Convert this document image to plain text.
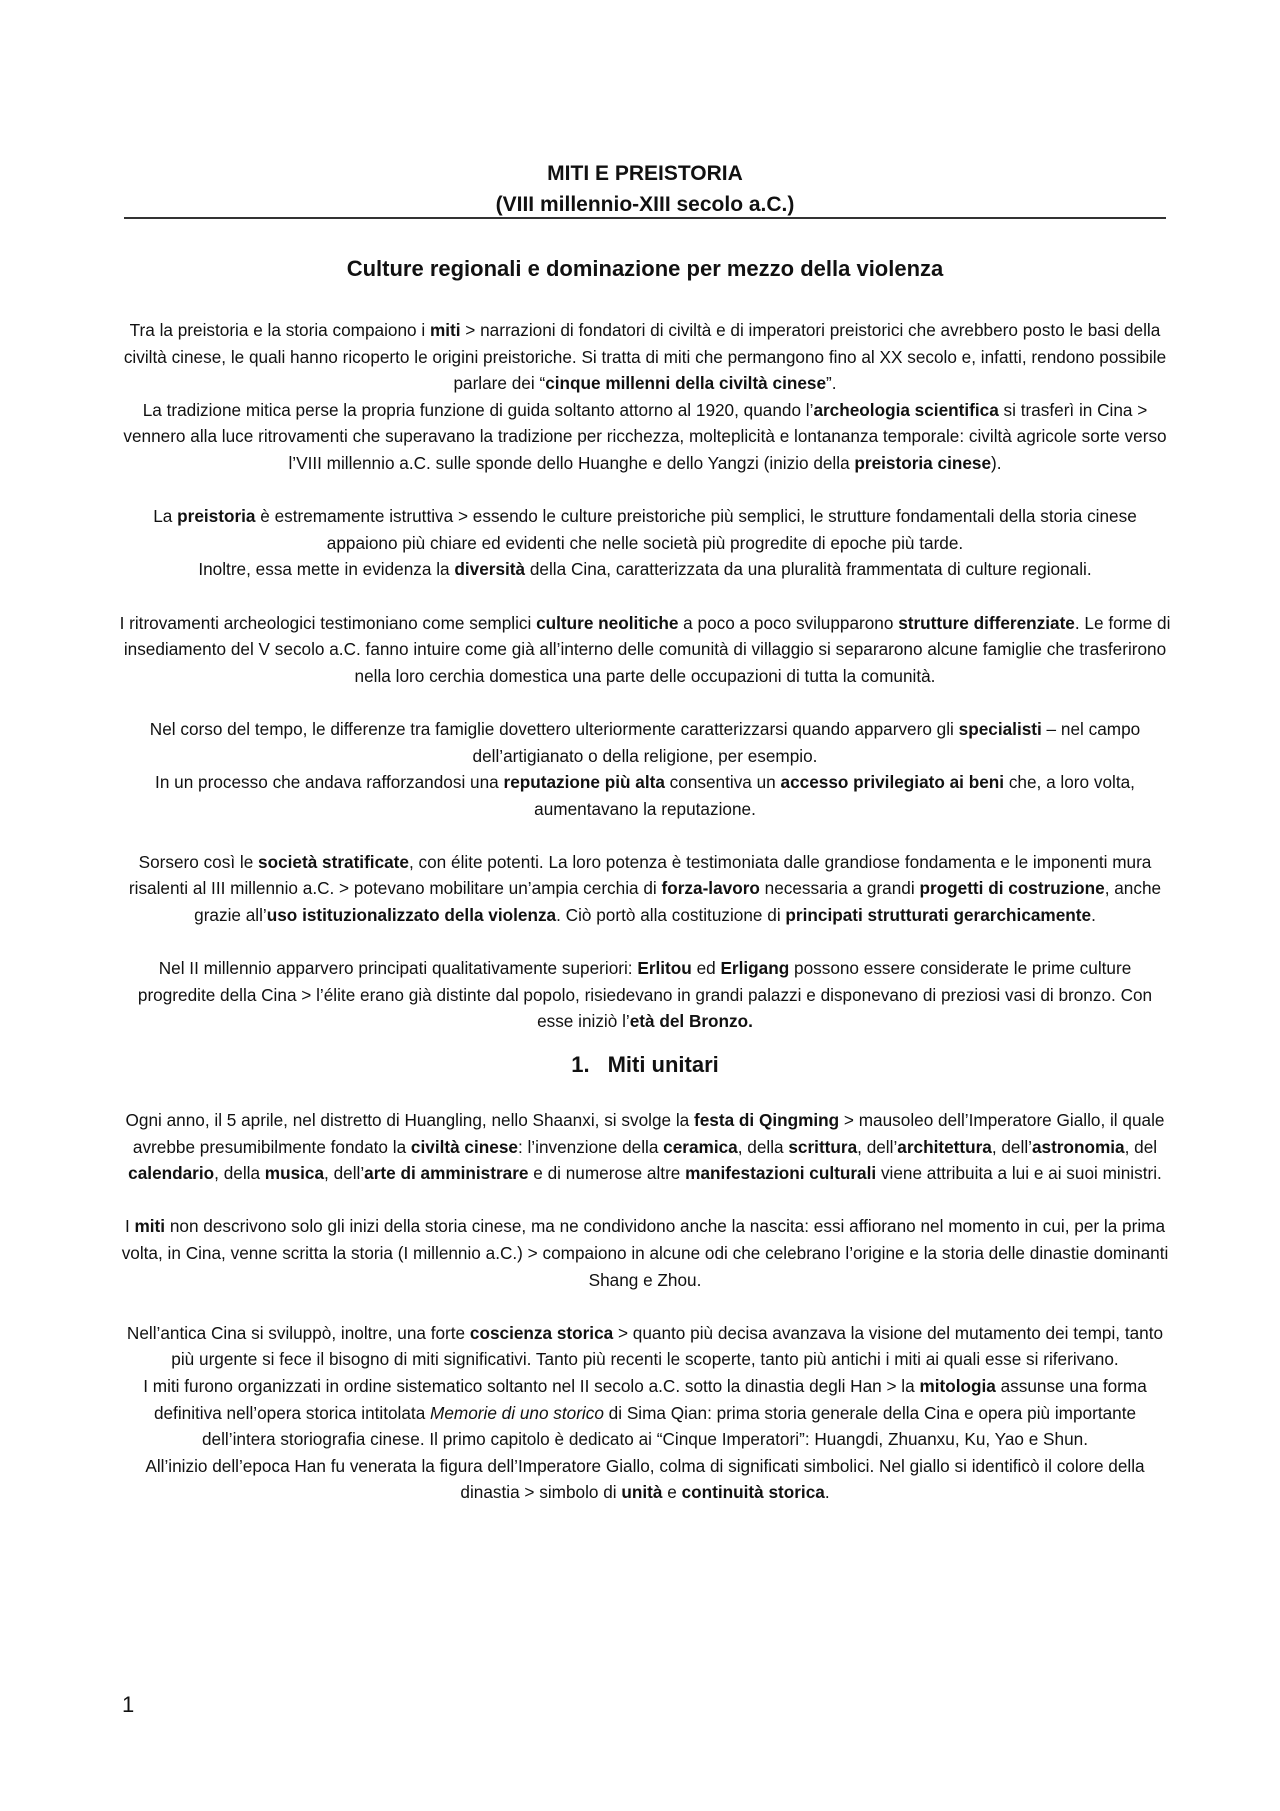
MITI E PREISTORIA
(VIII millennio-XIII secolo a.C.)
Culture regionali e dominazione per mezzo della violenza

Tra la preistoria e la storia compaiono i miti > narrazioni di fondatori di civiltà e di imperatori preistorici che avrebbero posto le basi della civiltà cinese, le quali hanno ricoperto le origini preistoriche. Si tratta di miti che permangono fino al XX secolo e, infatti, rendono possibile parlare dei “cinque millenni della civiltà cinese”.

La tradizione mitica perse la propria funzione di guida soltanto attorno al 1920, quando l’archeologia scientifica si trasferì in Cina > vennero alla luce ritrovamenti che superavano la tradizione per ricchezza, molteplicità e lontananza temporale: civiltà agricole sorte verso l’VIII millennio a.C. sulle sponde dello Huanghe e dello Yangzi (inizio della preistoria cinese).

La preistoria è estremamente istruttiva > essendo le culture preistoriche più semplici, le strutture fondamentali della storia cinese appaiono più chiare ed evidenti che nelle società più progredite di epoche più tarde.

Inoltre, essa mette in evidenza la diversità della Cina, caratterizzata da una pluralità frammentata di culture regionali.

I ritrovamenti archeologici testimoniano come semplici culture neolitiche a poco a poco svilupparono strutture differenziate. Le forme di insediamento del V secolo a.C. fanno intuire come già all’interno delle comunità di villaggio si separarono alcune famiglie che trasferirono nella loro cerchia domestica una parte delle occupazioni di tutta la comunità.

Nel corso del tempo, le differenze tra famiglie dovettero ulteriormente caratterizzarsi quando apparvero gli specialisti – nel campo dell’artigianato o della religione, per esempio.

In un processo che andava rafforzandosi una reputazione più alta consentiva un accesso privilegiato ai beni che, a loro volta, aumentavano la reputazione.

Sorsero così le società stratificate, con élite potenti. La loro potenza è testimoniata dalle grandiose fondamenta e le imponenti mura risalenti al III millennio a.C. > potevano mobilitare un’ampia cerchia di forza-lavoro necessaria a grandi progetti di costruzione, anche grazie all’uso istituzionalizzato della violenza. Ciò portò alla costituzione di principati strutturati gerarchicamente.

Nel II millennio apparvero principati qualitativamente superiori: Erlitou ed Erligang possono essere considerate le prime culture progredite della Cina > l’élite erano già distinte dal popolo, risiedevano in grandi palazzi e disponevano di preziosi vasi di bronzo. Con esse iniziò l’età del Bronzo.

1. Miti unitari

Ogni anno, il 5 aprile, nel distretto di Huangling, nello Shaanxi, si svolge la festa di Qingming > mausoleo dell’Imperatore Giallo, il quale avrebbe presumibilmente fondato la civiltà cinese: l’invenzione della ceramica, della scrittura, dell’architettura, dell’astronomia, del calendario, della musica, dell’arte di amministrare e di numerose altre manifestazioni culturali viene attribuita a lui e ai suoi ministri.

I miti non descrivono solo gli inizi della storia cinese, ma ne condividono anche la nascita: essi affiorano nel momento in cui, per la prima volta, in Cina, venne scritta la storia (I millennio a.C.) > compaiono in alcune odi che celebrano l’origine e la storia delle dinastie dominanti Shang e Zhou.

Nell’antica Cina si sviluppò, inoltre, una forte coscienza storica > quanto più decisa avanzava la visione del mutamento dei tempi, tanto più urgente si fece il bisogno di miti significativi. Tanto più recenti le scoperte, tanto più antichi i miti ai quali esse si riferivano.

I miti furono organizzati in ordine sistematico soltanto nel II secolo a.C. sotto la dinastia degli Han > la mitologia assunse una forma definitiva nell’opera storica intitolata Memorie di uno storico di Sima Qian: prima storia generale della Cina e opera più importante dell’intera storiografia cinese. Il primo capitolo è dedicato ai “Cinque Imperatori”: Huangdi, Zhuanxu, Ku, Yao e Shun.

All’inizio dell’epoca Han fu venerata la figura dell’Imperatore Giallo, colma di significati simbolici. Nel giallo si identificò il colore della dinastia > simbolo di unità e continuità storica.

1
